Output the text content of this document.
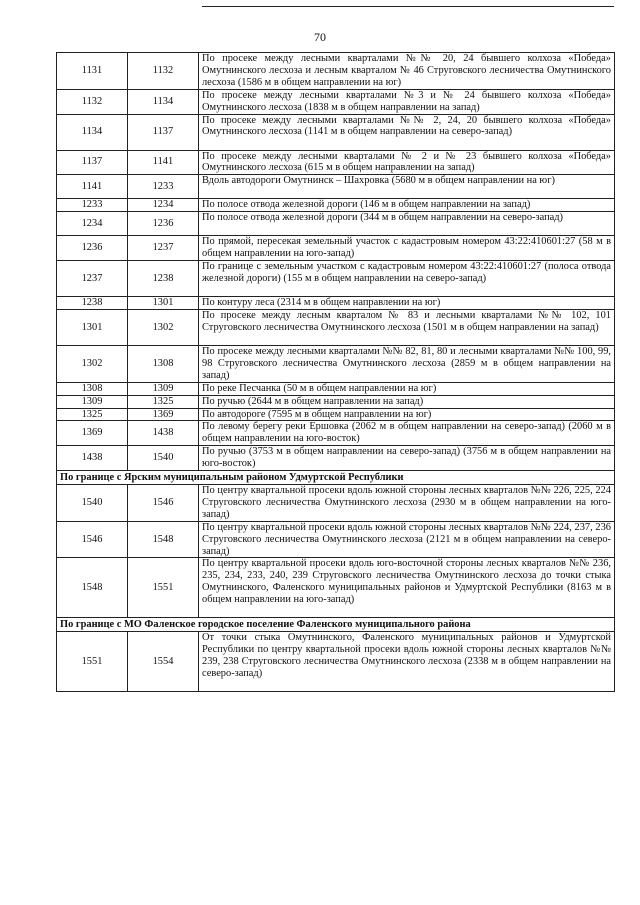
70
1131	1132	По просеке между лесными кварталами №№ 20, 24 бывшего колхоза «Победа» Омутнинского лесхоза и лесным кварталом № 46 Струговского лесничества Омутнинского лесхоза (1586 м в общем направлении на юг)
1132	1134	По просеке между лесными кварталами №3 и № 24 бывшего колхоза «Победа» Омутнинского лесхоза (1838 м в общем направлении на запад)
1134	1137	По просеке между лесными кварталами №№ 2, 24, 20 бывшего колхоза «Победа» Омутнинского лесхоза (1141 м в общем направлении на северо-запад)
1137	1141	По просеке между лесными кварталами № 2 и № 23 бывшего колхоза «Победа» Омутнинского лесхоза (615 м в общем направлении на запад)
1141	1233	Вдоль автодороги Омутнинск – Шахровка (5680 м в общем направлении на юг)
1233	1234	По полосе отвода железной дороги (146 м в общем направлении на запад)
1234	1236	По полосе отвода железной дороги (344 м в общем направлении на северо-запад)
1236	1237	По прямой, пересекая земельный участок с кадастровым номером 43:22:410601:27 (58 м в общем направлении на юго-запад)
1237	1238	По границе с земельным участком с кадастровым номером 43:22:410601:27 (полоса отвода железной дороги) (155 м в общем направлении на северо-запад)
1238	1301	По контуру леса (2314 м в общем направлении на юг)
1301	1302	По просеке между лесным кварталом № 83 и лесными кварталами №№ 102, 101 Струговского лесничества Омутнинского лесхоза (1501 м в общем направлении на запад)
1302	1308	По просеке между лесными кварталами №№ 82, 81, 80 и лесными кварталами №№ 100, 99, 98 Струговского лесничества Омутнинского лесхоза (2859 м в общем направлении на запад)
1308	1309	По реке Песчанка (50 м в общем направлении на юг)
1309	1325	По ручью (2644 м в общем направлении на запад)
1325	1369	По автодороге (7595 м в общем направлении на юг)
1369	1438	По левому берегу реки Ершовка (2062 м в общем направлении на северо-запад) (2060 м в общем направлении на юго-восток)
1438	1540	По ручью (3753 м в общем направлении на северо-запад) (3756 м в общем направлении на юго-восток)
По границе с Ярским муниципальным районом Удмуртской Республики		
1540	1546	По центру квартальной просеки вдоль южной стороны лесных кварталов №№ 226, 225, 224 Струговского лесничества Омутнинского лесхоза (2930 м в общем направлении на юго-запад)
1546	1548	По центру квартальной просеки вдоль южной стороны лесных кварталов №№ 224, 237, 236 Струговского лесничества Омутнинского лесхоза (2121 м в общем направлении на северо-запад)
1548	1551	По центру квартальной просеки вдоль юго-восточной стороны лесных кварталов №№ 236, 235, 234, 233, 240, 239 Струговского лесничества Омутнинского лесхоза до точки стыка Омутнинского, Фаленского муниципальных районов и Удмуртской Республики (8163 м в общем направлении на юго-запад)
По границе с МО Фаленское городское поселение Фаленского муниципального района		
1551	1554	От точки стыка Омутнинского, Фаленского муниципальных районов и Удмуртской Республики по центру квартальной просеки вдоль южной стороны лесных кварталов №№ 239, 238 Струговского лесничества Омутнинского лесхоза (2338 м в общем направлении на северо-запад)
